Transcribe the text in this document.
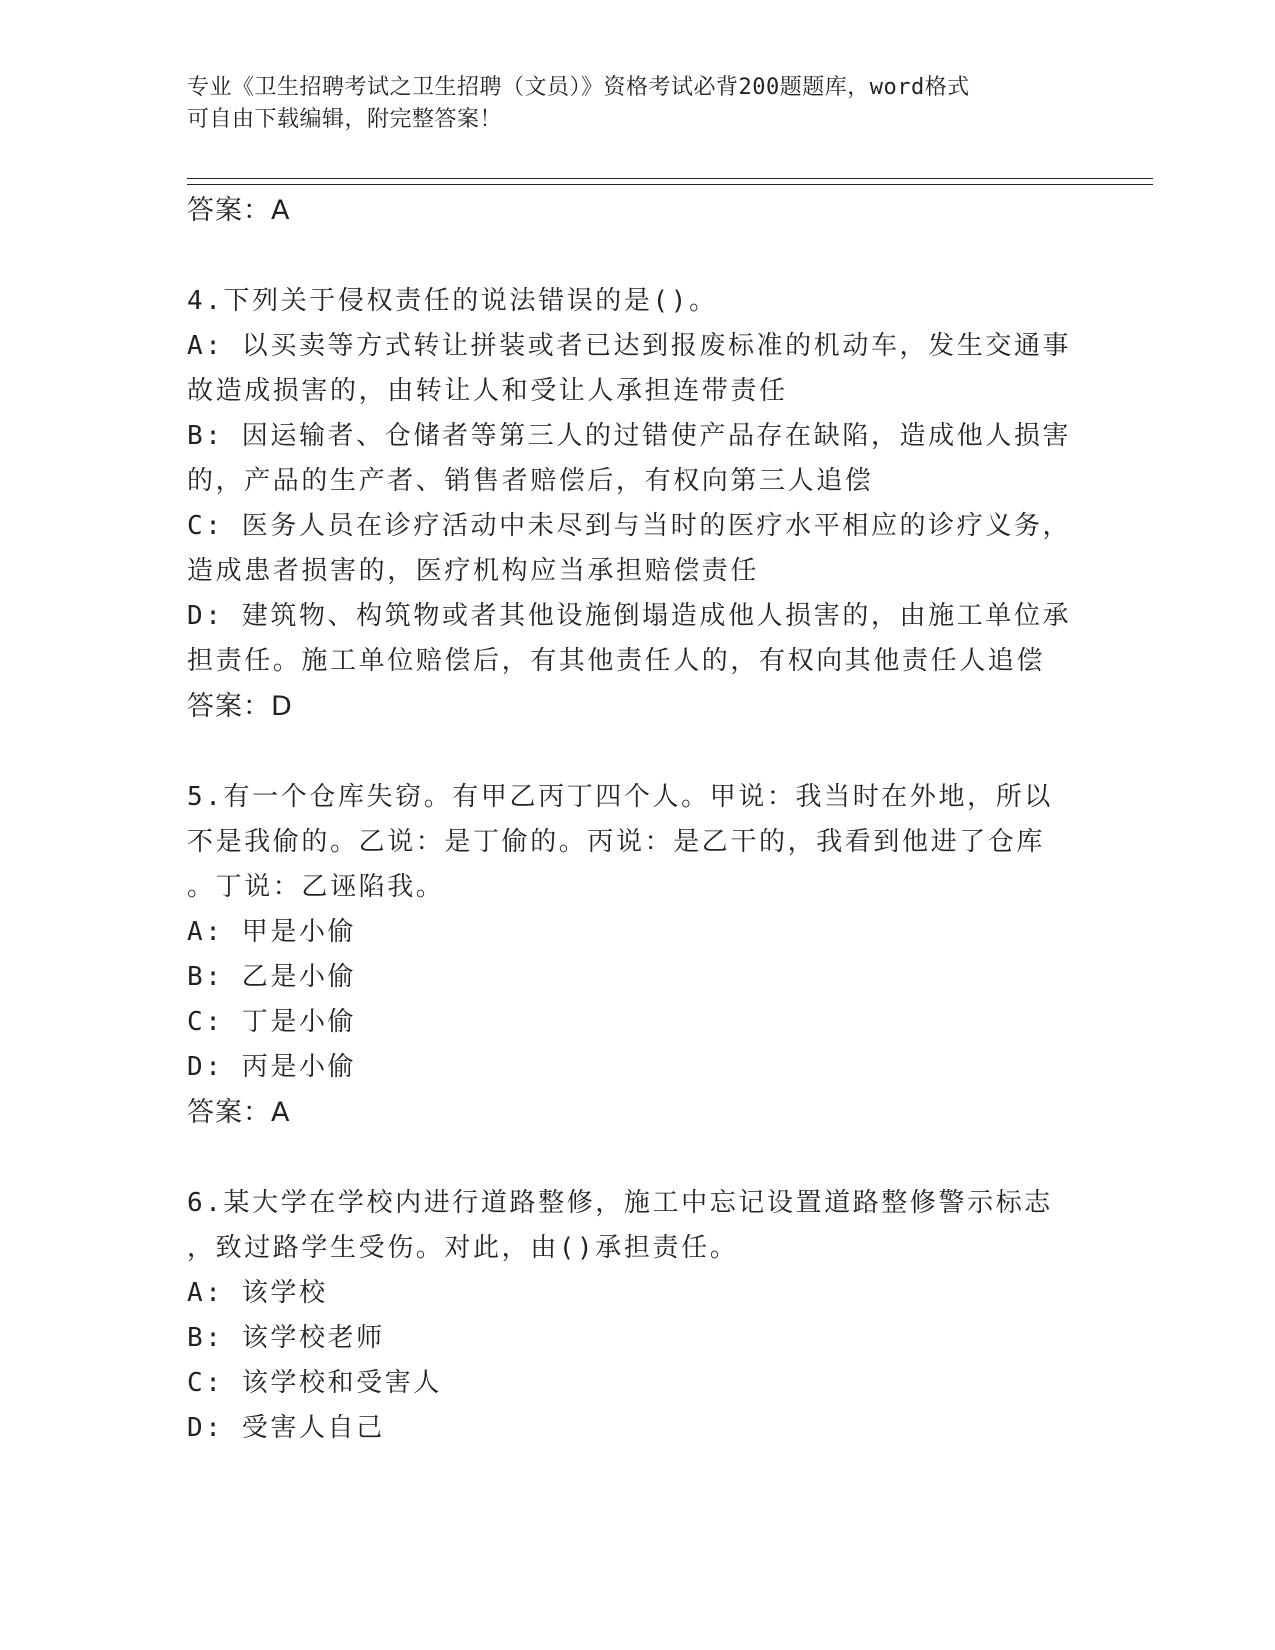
专业《卫生招聘考试之卫生招聘（文员）》资格考试必背200题题库，word格式
可自由下载编辑，附完整答案！
答案：A
4.下列关于侵权责任的说法错误的是()。
A: 以买卖等方式转让拼装或者已达到报废标准的机动车，发生交通事
故造成损害的，由转让人和受让人承担连带责任
B: 因运输者、仓储者等第三人的过错使产品存在缺陷，造成他人损害
的，产品的生产者、销售者赔偿后，有权向第三人追偿
C: 医务人员在诊疗活动中未尽到与当时的医疗水平相应的诊疗义务，
造成患者损害的，医疗机构应当承担赔偿责任
D: 建筑物、构筑物或者其他设施倒塌造成他人损害的，由施工单位承
担责任。施工单位赔偿后，有其他责任人的，有权向其他责任人追偿
答案：D
5.有一个仓库失窃。有甲乙丙丁四个人。甲说：我当时在外地，所以
不是我偷的。乙说：是丁偷的。丙说：是乙干的，我看到他进了仓库
。丁说：乙诬陷我。
A: 甲是小偷
B: 乙是小偷
C: 丁是小偷
D: 丙是小偷
答案：A
6.某大学在学校内进行道路整修，施工中忘记设置道路整修警示标志
，致过路学生受伤。对此，由()承担责任。
A: 该学校
B: 该学校老师
C: 该学校和受害人
D: 受害人自己
